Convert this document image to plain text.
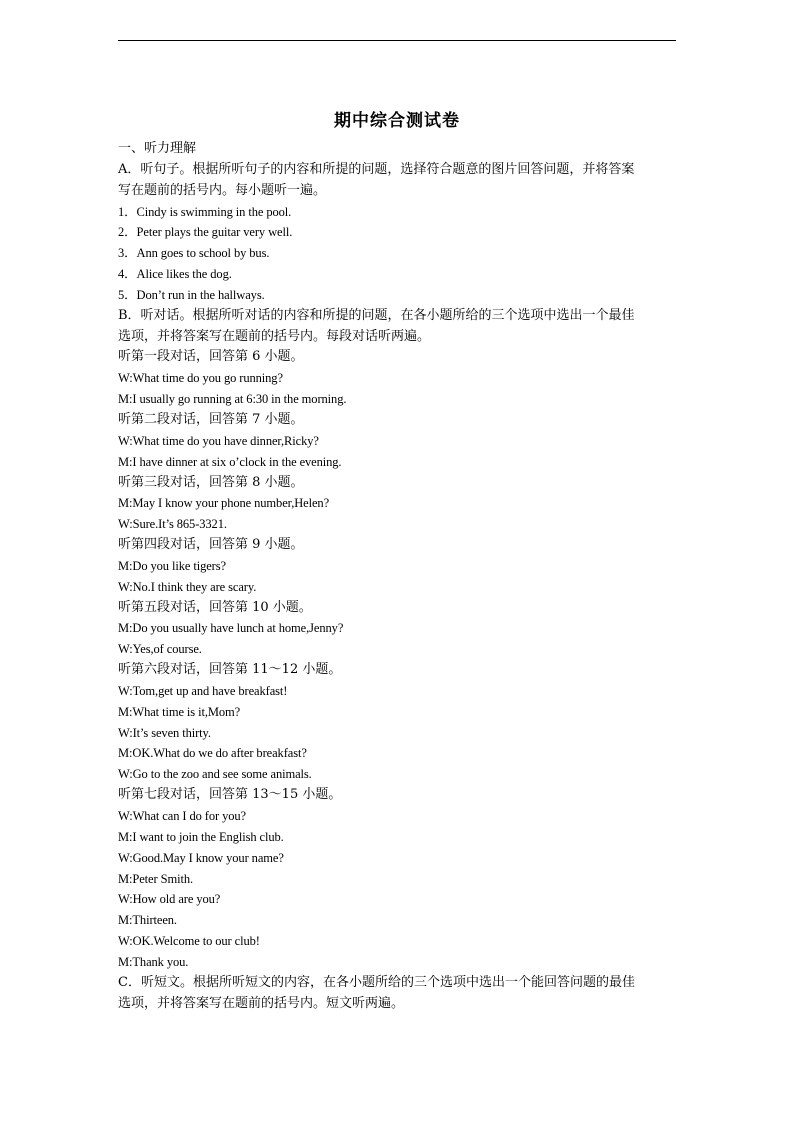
期中综合测试卷
一、听力理解
A．听句子。根据所听句子的内容和所提的问题，选择符合题意的图片回答问题，并将答案
写在题前的括号内。每小题听一遍。
1．Cindy is swimming in the pool.
2．Peter plays the guitar very well.
3．Ann goes to school by bus.
4．Alice likes the dog.
5．Don’t run in the hallways.
B．听对话。根据所听对话的内容和所提的问题，在各小题所给的三个选项中选出一个最佳
选项，并将答案写在题前的括号内。每段对话听两遍。
听第一段对话，回答第 6 小题。
W:What time do you go running?
M:I usually go running at 6:30 in the morning.
听第二段对话，回答第 7 小题。
W:What time do you have dinner,Ricky?
M:I have dinner at six o’clock in the evening.
听第三段对话，回答第 8 小题。
M:May I know your phone number,Helen?
W:Sure.It’s 865-3321.
听第四段对话，回答第 9 小题。
M:Do you like tigers?
W:No.I think they are scary.
听第五段对话，回答第 10 小题。
M:Do you usually have lunch at home,Jenny?
W:Yes,of course.
听第六段对话，回答第 11～12 小题。
W:Tom,get up and have breakfast!
M:What time is it,Mom?
W:It’s seven thirty.
M:OK.What do we do after breakfast?
W:Go to the zoo and see some animals.
听第七段对话，回答第 13～15 小题。
W:What can I do for you?
M:I want to join the English club.
W:Good.May I know your name?
M:Peter Smith.
W:How old are you?
M:Thirteen.
W:OK.Welcome to our club!
M:Thank you.
C．听短文。根据所听短文的内容，在各小题所给的三个选项中选出一个能回答问题的最佳
选项，并将答案写在题前的括号内。短文听两遍。
